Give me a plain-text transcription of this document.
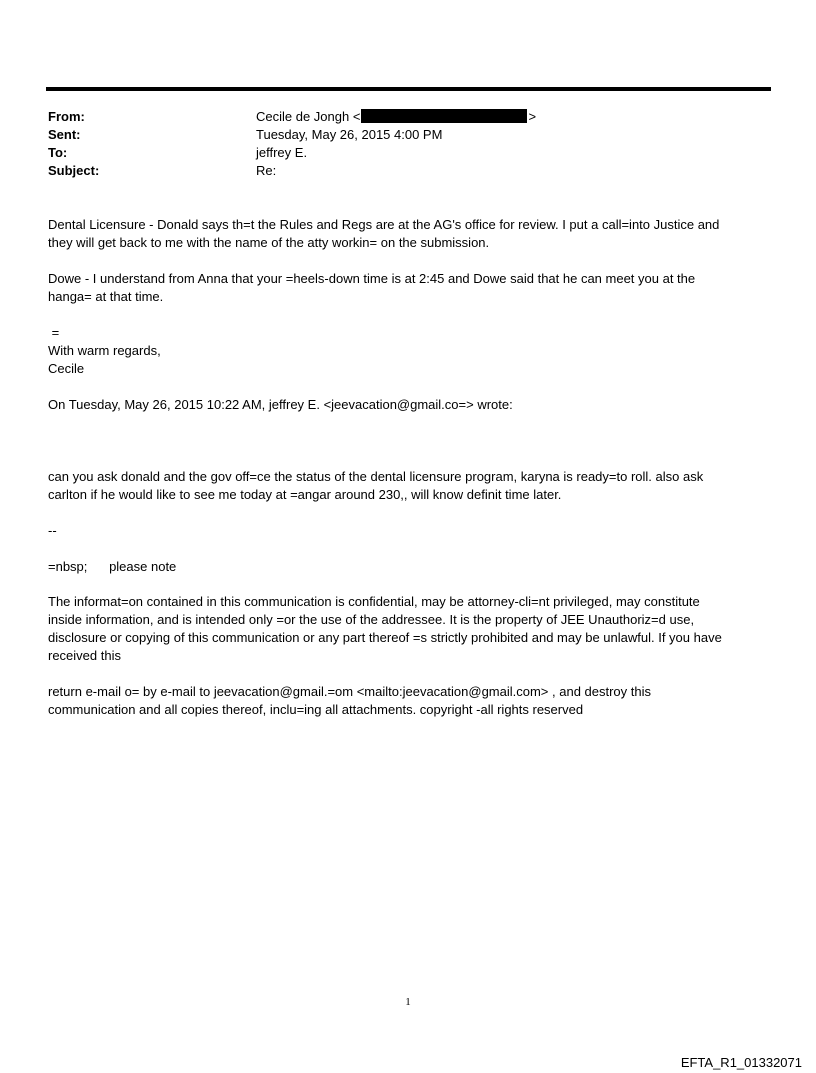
From:	Cecile de Jongh <	>
Sent:	Tuesday, May 26, 2015 4:00 PM
To:	jeffrey E.
Subject:	Re:

Dental Licensure - Donald says th=t the Rules and Regs are at the AG's office for review. I put a call=into Justice and

they will get back to me with the name of the atty workin= on the submission.

Dowe - I understand from Anna that your =heels-down time is at 2:45 and Dowe said that he can meet you at the

hanga= at that time.

=

With warm regards,

Cecile

On Tuesday, May 26, 2015 10:22 AM, jeffrey E. <jeevacation@gmail.co=> wrote:

can you ask donald and the gov off=ce the status of the dental licensure program, karyna is ready=to roll. also ask

carlton if he would like to see me today at =angar around 230,, will know definit time later.

--
=nbsp;      please note

The informat=on contained in this communication is confidential, may be attorney-cli=nt privileged, may constitute

inside information, and is intended only =or the use of the addressee. It is the property of JEE Unauthoriz=d use,

disclosure or copying of this communication or any part thereof =s strictly prohibited and may be unlawful. If you have

received this

return e-mail o= by e-mail to jeevacation@gmail.=om <mailto:jeevacation@gmail.com> , and destroy this

communication and all copies thereof, inclu=ing all attachments. copyright -all rights reserved

1
EFTA_R1_01332071
